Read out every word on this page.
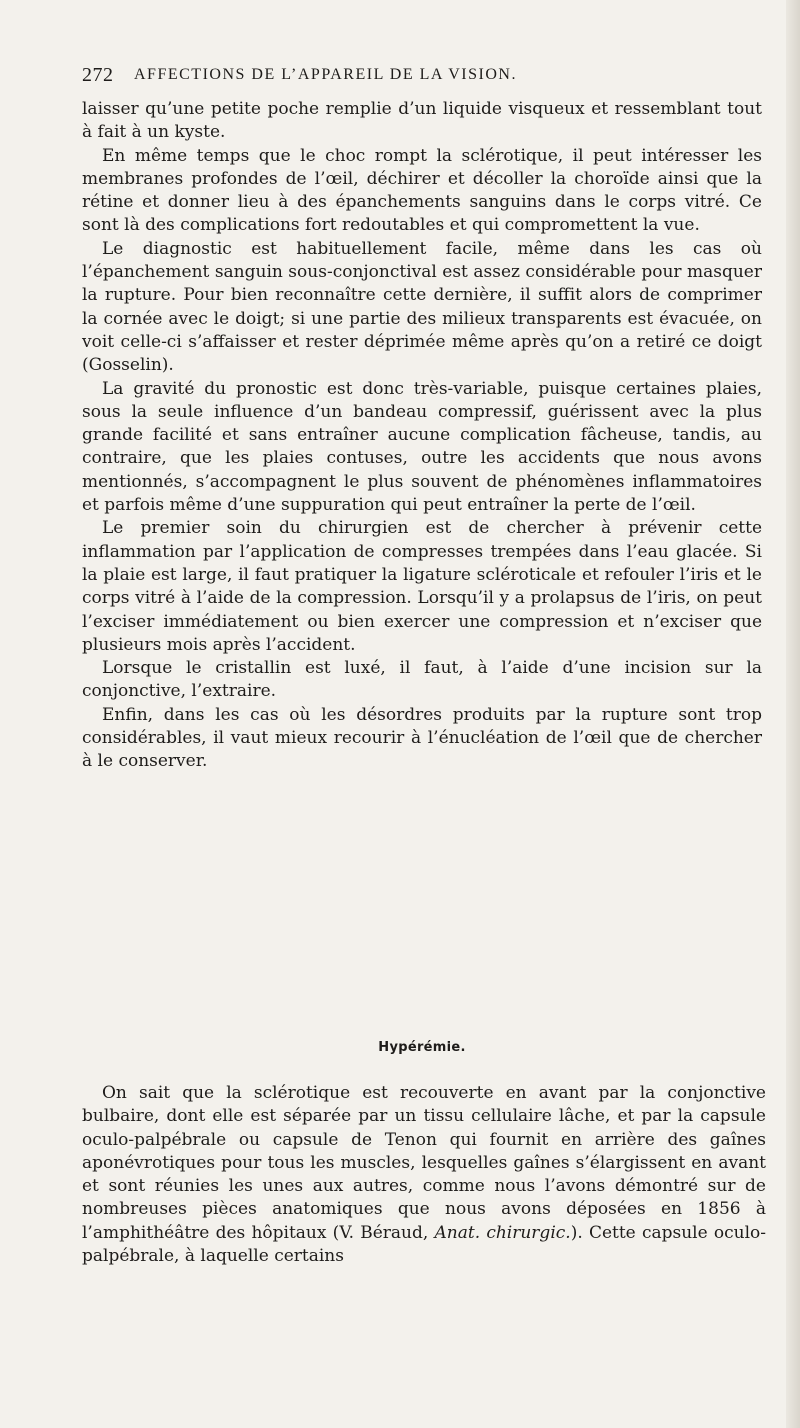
272 AFFECTIONS DE L’APPAREIL DE LA VISION.

laisser qu’une petite poche remplie d’un liquide visqueux et ressemblant tout à fait à un kyste.

En même temps que le choc rompt la sclérotique, il peut intéresser les membranes profondes de l’œil, déchirer et décoller la choroïde ainsi que la rétine et donner lieu à des épanchements sanguins dans le corps vitré. Ce sont là des complications fort redoutables et qui compromettent la vue.

Le diagnostic est habituellement facile, même dans les cas où l’épanchement sanguin sous-conjonctival est assez considérable pour masquer la rupture. Pour bien reconnaître cette dernière, il suffit alors de comprimer la cornée avec le doigt; si une partie des milieux transparents est évacuée, on voit celle-ci s’affaisser et rester déprimée même après qu’on a retiré ce doigt (Gosselin).

La gravité du pronostic est donc très-variable, puisque certaines plaies, sous la seule influence d’un bandeau compressif, guérissent avec la plus grande facilité et sans entraîner aucune complication fâcheuse, tandis, au contraire, que les plaies contuses, outre les accidents que nous avons mentionnés, s’accompagnent le plus souvent de phénomènes inflammatoires et parfois même d’une suppuration qui peut entraîner la perte de l’œil.

Le premier soin du chirurgien est de chercher à prévenir cette inflammation par l’application de compresses trempées dans l’eau glacée. Si la plaie est large, il faut pratiquer la ligature scléroticale et refouler l’iris et le corps vitré à l’aide de la compression. Lorsqu’il y a prolapsus de l’iris, on peut l’exciser immédiatement ou bien exercer une compression et n’exciser que plusieurs mois après l’accident.

Lorsque le cristallin est luxé, il faut, à l’aide d’une incision sur la conjonctive, l’extraire.

Enfin, dans les cas où les désordres produits par la rupture sont trop considérables, il vaut mieux recourir à l’énucléation de l’œil que de chercher à le conserver.

Hypérémie.

On sait que la sclérotique est recouverte en avant par la conjonctive bulbaire, dont elle est séparée par un tissu cellulaire lâche, et par la capsule oculo-palpébrale ou capsule de Tenon qui fournit en arrière des gaînes aponévrotiques pour tous les muscles, lesquelles gaînes s’élargissent en avant et sont réunies les unes aux autres, comme nous l’avons démontré sur de nombreuses pièces anatomiques que nous avons déposées en 1856 à l’amphithéâtre des hôpitaux (V. Béraud, Anat. chirurgic.). Cette capsule oculo-palpébrale, à laquelle certains
